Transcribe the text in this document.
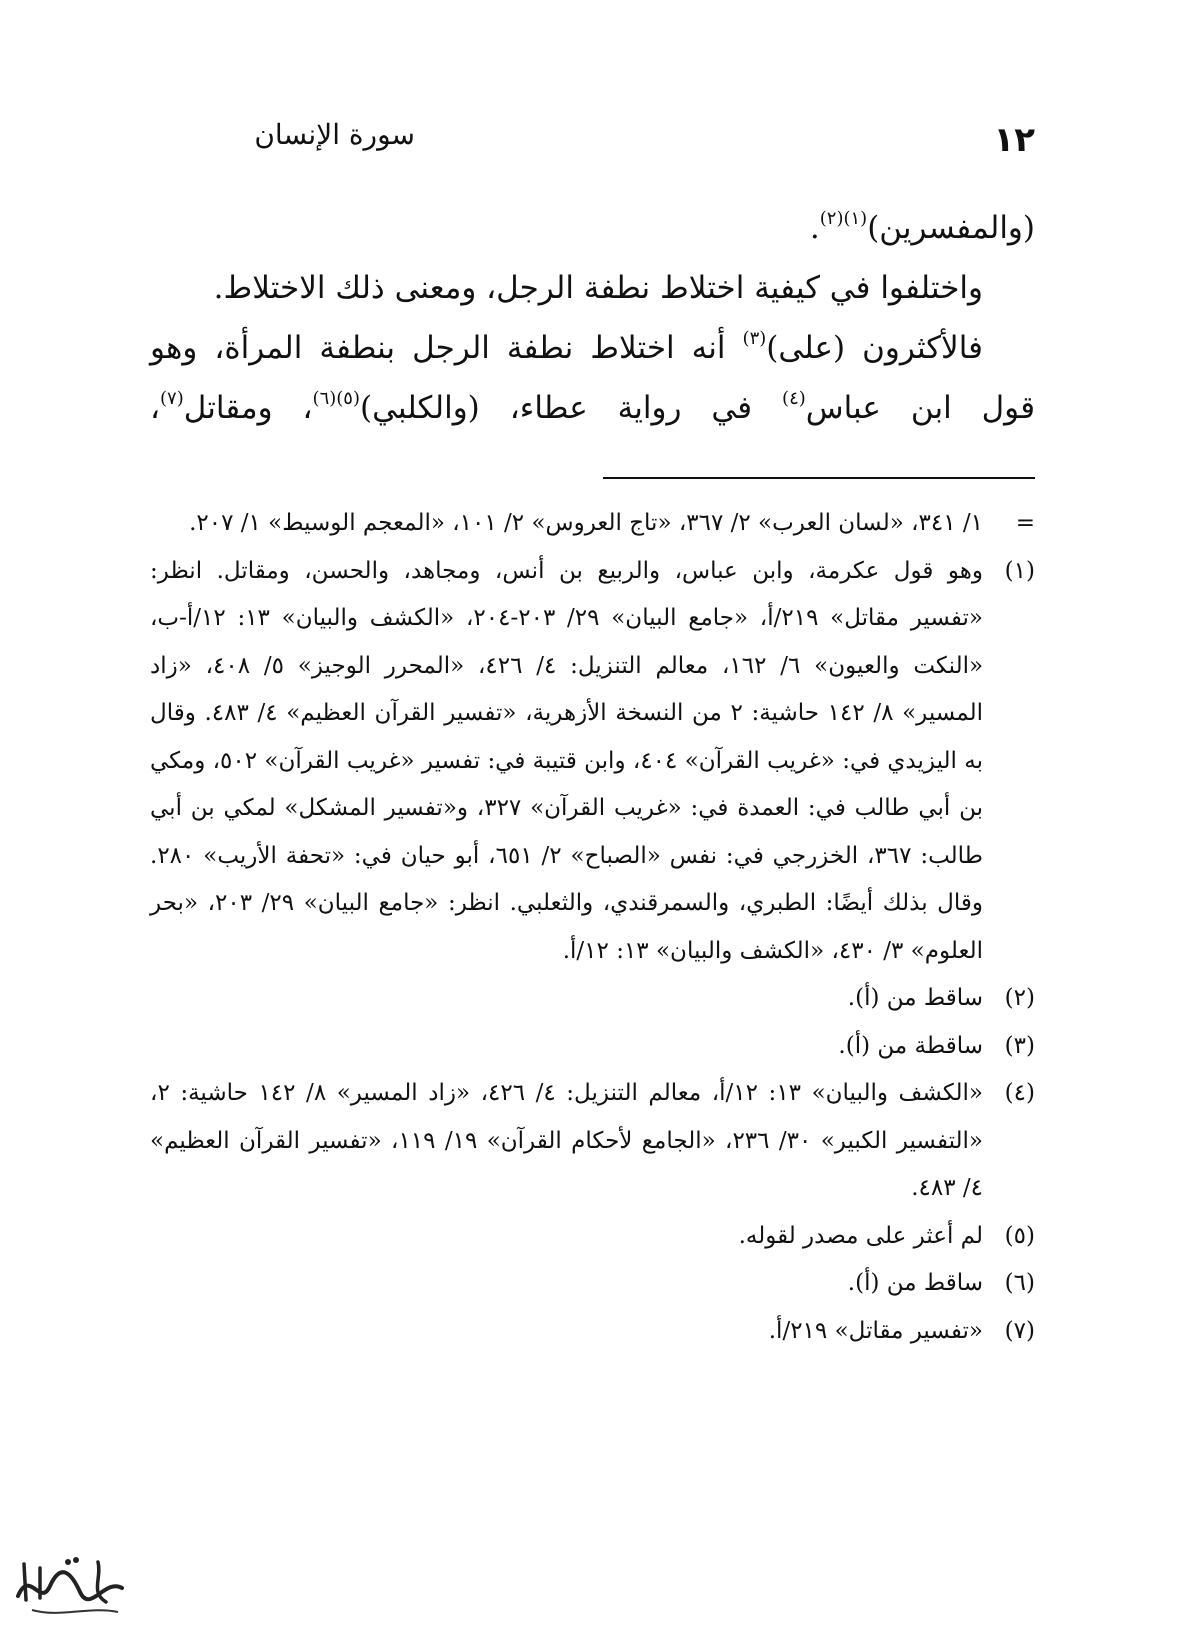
١٢
سورة الإنسان

(والمفسرين)$^{(١)(٢)}$.

واختلفوا في كيفية اختلاط نطفة الرجل، ومعنى ذلك الاختلاط.

فالأكثرون (على)$^{(٣)}$ أنه اختلاط نطفة الرجل بنطفة المرأة، وهو قول ابن عباس$^{(٤)}$ في رواية عطاء، (والكلبي)$^{(٥)(٦)}$، ومقاتل$^{(٧)}$،

=
١/ ٣٤١، «لسان العرب» ٢/ ٣٦٧، «تاج العروس» ٢/ ١٠١، «المعجم الوسيط» ١/ ٢٠٧.
(١)
وهو قول عكرمة، وابن عباس، والربيع بن أنس، ومجاهد، والحسن، ومقاتل. انظر: «تفسير مقاتل» ٢١٩/أ، «جامع البيان» ٢٩/ ٢٠٣-٢٠٤، «الكشف والبيان» ١٣: ١٢/أ-ب، «النكت والعيون» ٦/ ١٦٢، معالم التنزيل: ٤/ ٤٢٦، «المحرر الوجيز» ٥/ ٤٠٨، «زاد المسير» ٨/ ١٤٢ حاشية: ٢ من النسخة الأزهرية، «تفسير القرآن العظيم» ٤/ ٤٨٣. وقال به اليزيدي في: «غريب القرآن» ٤٠٤، وابن قتيبة في: تفسير «غريب القرآن» ٥٠٢، ومكي بن أبي طالب في: العمدة في: «غريب القرآن» ٣٢٧، و«تفسير المشكل» لمكي بن أبي طالب: ٣٦٧، الخزرجي في: نفس «الصباح» ٢/ ٦٥١، أبو حيان في: «تحفة الأريب» ٢٨٠. وقال بذلك أيضًا: الطبري، والسمرقندي، والثعلبي. انظر: «جامع البيان» ٢٩/ ٢٠٣، «بحر العلوم» ٣/ ٤٣٠، «الكشف والبيان» ١٣: ١٢/أ.
(٢)
ساقط من (أ).
(٣)
ساقطة من (أ).
(٤)
«الكشف والبيان» ١٣: ١٢/أ، معالم التنزيل: ٤/ ٤٢٦، «زاد المسير» ٨/ ١٤٢ حاشية: ٢، «التفسير الكبير» ٣٠/ ٢٣٦، «الجامع لأحكام القرآن» ١٩/ ١١٩، «تفسير القرآن العظيم» ٤/ ٤٨٣.
(٥)
لم أعثر على مصدر لقوله.
(٦)
ساقط من (أ).
(٧)
«تفسير مقاتل» ٢١٩/أ.
